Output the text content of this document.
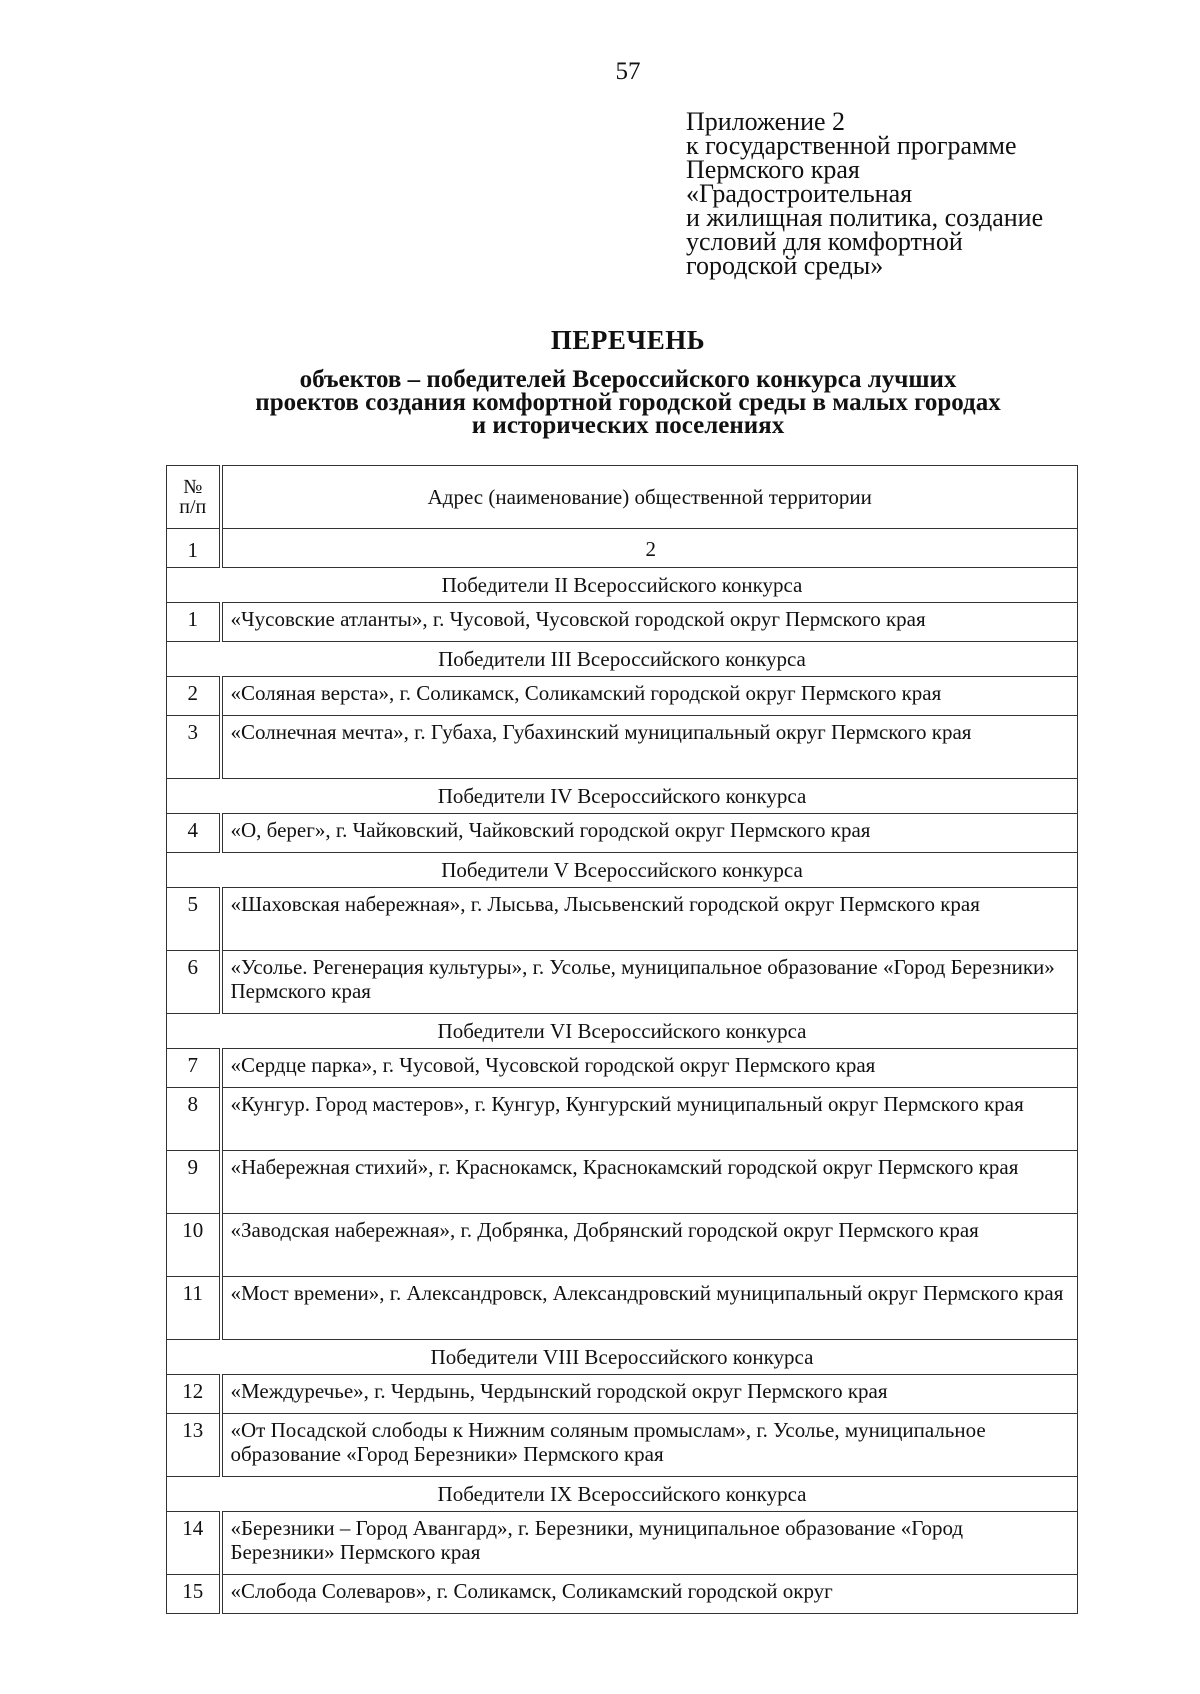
57
Приложение 2
к государственной программе
Пермского края
«Градостроительная
и жилищная политика, создание
условий для комфортной
городской среды»
ПЕРЕЧЕНЬ
объектов – победителей Всероссийского конкурса лучших
проектов создания комфортной городской среды в малых городах
и исторических поселениях
№
п/п	Адрес (наименование) общественной территории
1	2
Победители II Всероссийского конкурса	
1	«Чусовские атланты», г. Чусовой, Чусовской городской округ Пермского края
Победители III Всероссийского конкурса	
2	«Соляная верста», г. Соликамск, Соликамский городской округ Пермского края
3	«Солнечная мечта», г. Губаха, Губахинский муниципальный округ Пермского края
Победители IV Всероссийского конкурса	
4	«О, берег», г. Чайковский, Чайковский городской округ Пермского края
Победители V Всероссийского конкурса	
5	«Шаховская набережная», г. Лысьва, Лысьвенский городской округ Пермского края
6	«Усолье. Регенерация культуры», г. Усолье, муниципальное образование «Город Березники» Пермского края
Победители VI Всероссийского конкурса	
7	«Сердце парка», г. Чусовой, Чусовской городской округ Пермского края
8	«Кунгур. Город мастеров», г. Кунгур, Кунгурский муниципальный округ Пермского края
9	«Набережная стихий», г. Краснокамск, Краснокамский городской округ Пермского края
10	«Заводская набережная», г. Добрянка, Добрянский городской округ Пермского края
11	«Мост времени», г. Александровск, Александровский муниципальный округ Пермского края
Победители VIII Всероссийского конкурса	
12	«Междуречье», г. Чердынь, Чердынский городской округ Пермского края
13	«От Посадской слободы к Нижним соляным промыслам», г. Усолье, муниципальное образование «Город Березники» Пермского края
Победители IX Всероссийского конкурса	
14	«Березники – Город Авангард», г. Березники, муниципальное образование «Город Березники» Пермского края
15	«Слобода Солеваров», г. Соликамск, Соликамский городской округ
